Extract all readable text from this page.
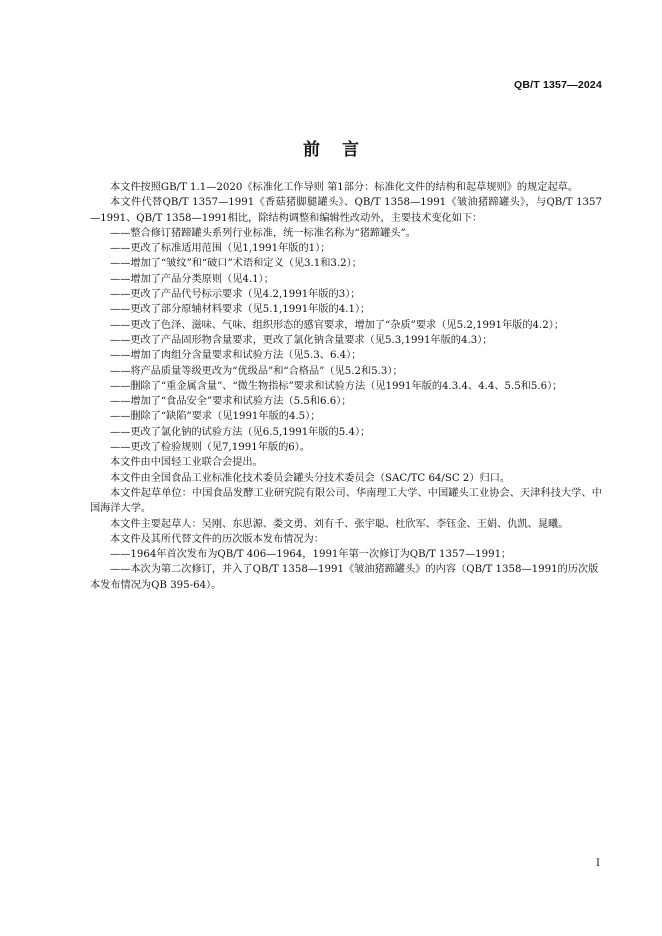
QB/T 1357—2024
前言

本文件按照GB/T 1.1—2020《标准化工作导则 第1部分：标准化文件的结构和起草规则》的规定起草。

本文件代替QB/T 1357—1991《香菇猪脚腿罐头》、QB/T 1358—1991《皱油猪蹄罐头》，与QB/T 1357—1991、QB/T 1358—1991相比，除结构调整和编辑性改动外，主要技术变化如下：

——整合修订猪蹄罐头系列行业标准，统一标准名称为“猪蹄罐头”。

——更改了标准适用范围（见1,1991年版的1）；

——增加了“皱纹”和“破口”术语和定义（见3.1和3.2）；

——增加了产品分类原则（见4.1）；

——更改了产品代号标示要求（见4.2,1991年版的3）；

——更改了部分原辅材料要求（见5.1,1991年版的4.1）；

——更改了色泽、滋味、气味、组织形态的感官要求，增加了“杂质”要求（见5.2,1991年版的4.2）；

——更改了产品固形物含量要求，更改了氯化钠含量要求（见5.3,1991年版的4.3）；

——增加了肉组分含量要求和试验方法（见5.3、6.4）；

——将产品质量等级更改为“优级品”和“合格品”（见5.2和5.3）；

——删除了“重金属含量”、“微生物指标”要求和试验方法（见1991年版的4.3.4、4.4、5.5和5.6）；

——增加了“食品安全”要求和试验方法（5.5和6.6）；

——删除了“缺陷”要求（见1991年版的4.5）；

——更改了氯化钠的试验方法（见6.5,1991年版的5.4）；

——更改了检验规则（见7,1991年版的6）。

本文件由中国轻工业联合会提出。

本文件由全国食品工业标准化技术委员会罐头分技术委员会（SAC/TC 64/SC 2）归口。

本文件起草单位：中国食品发酵工业研究院有限公司、华南理工大学、中国罐头工业协会、天津科技大学、中国海洋大学。

本文件主要起草人：吴刚、东思源、娄文勇、刘有千、张宇聪、杜欣军、李钰金、王娟、仇凯、晁曦。

本文件及其所代替文件的历次版本发布情况为：

——1964年首次发布为QB/T 406—1964，1991年第一次修订为QB/T 1357—1991；

——本次为第二次修订，并入了QB/T 1358—1991《皱油猪蹄罐头》的内容（QB/T 1358—1991的历次版本发布情况为QB 395-64）。

I
